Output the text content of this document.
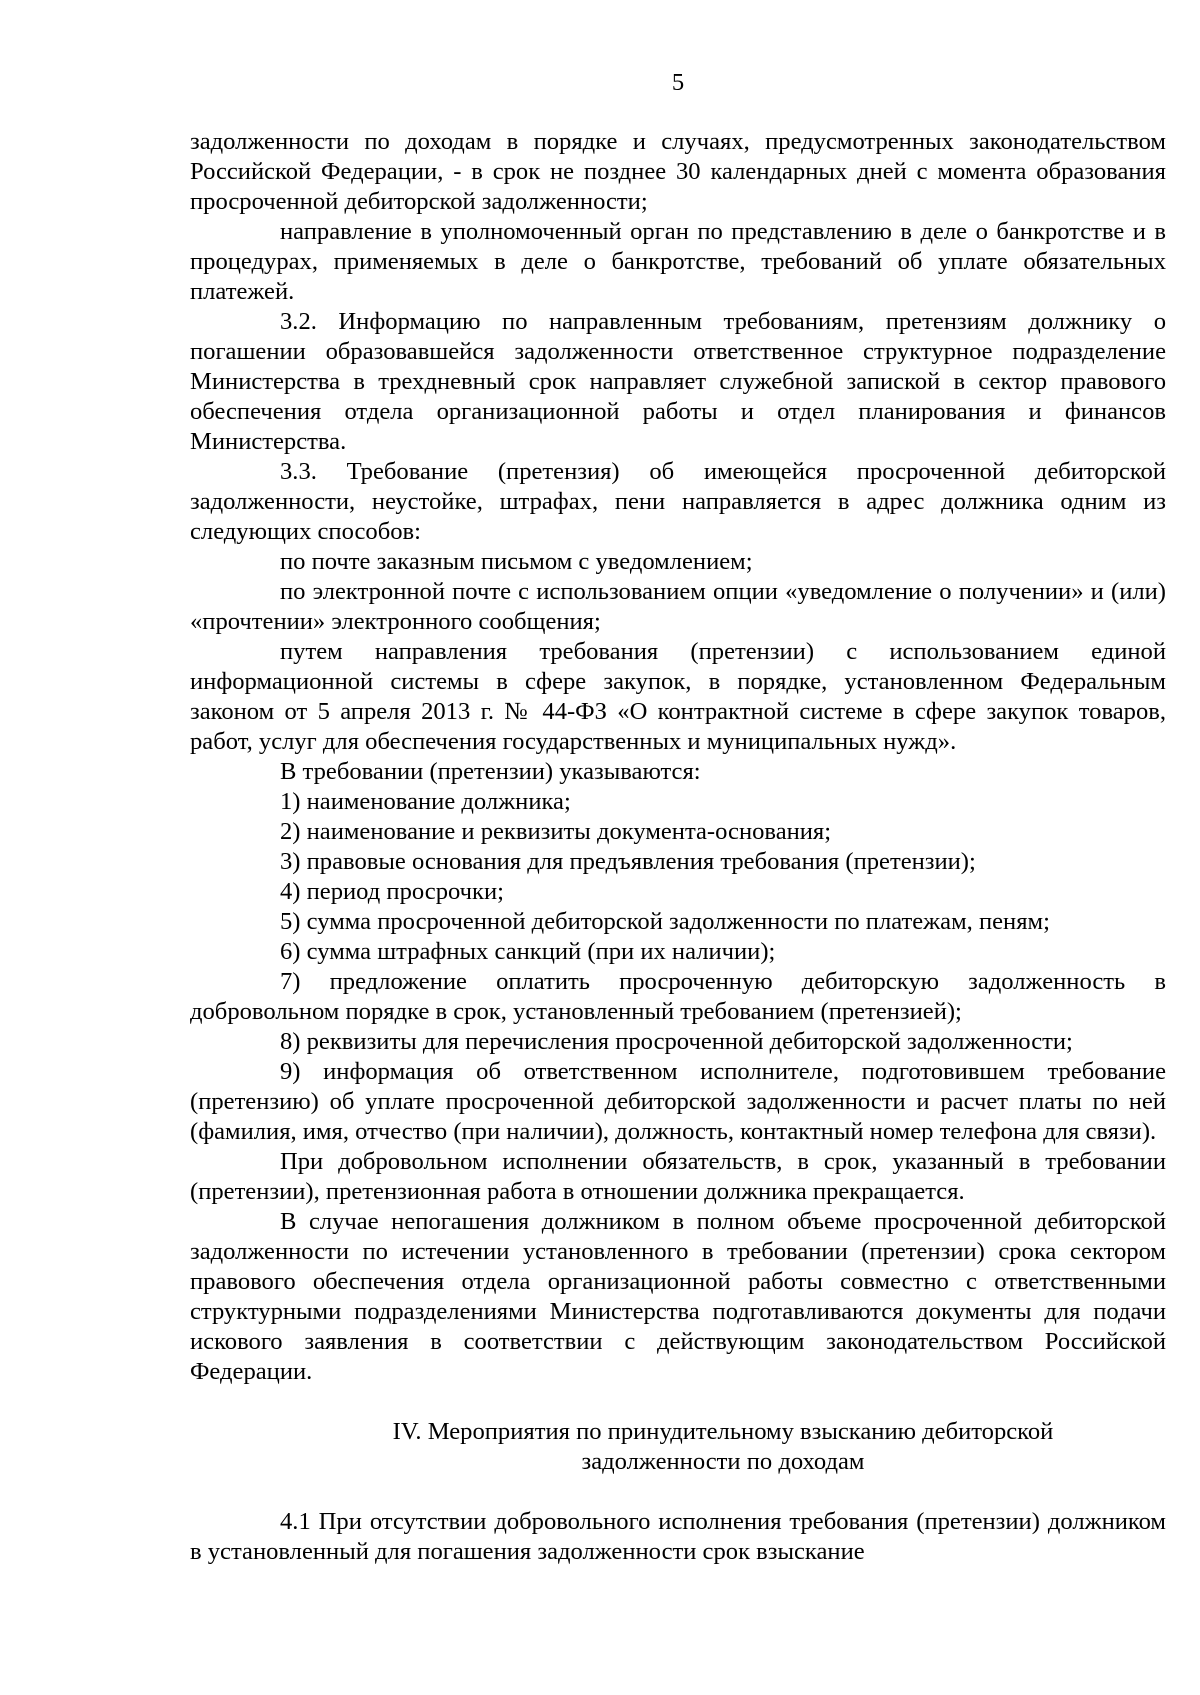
5

задолженности по доходам в порядке и случаях, предусмотренных законодательством Российской Федерации, - в срок не позднее 30 календарных дней с момента образования просроченной дебиторской задолженности;

направление в уполномоченный орган по представлению в деле о банкротстве и в процедурах, применяемых в деле о банкротстве, требований об уплате обязательных платежей.

3.2. Информацию по направленным требованиям, претензиям должнику о погашении образовавшейся задолженности ответственное структурное подразделение Министерства в трехдневный срок направляет служебной запиской в сектор правового обеспечения отдела организационной работы и отдел планирования и финансов Министерства.

3.3. Требование (претензия) об имеющейся просроченной дебиторской задолженности, неустойке, штрафах, пени направляется в адрес должника одним из следующих способов:

по почте заказным письмом с уведомлением;

по электронной почте с использованием опции «уведомление о получении» и (или) «прочтении» электронного сообщения;

путем направления требования (претензии) с использованием единой информационной системы в сфере закупок, в порядке, установленном Федеральным законом от 5 апреля 2013 г. № 44-ФЗ «О контрактной системе в сфере закупок товаров, работ, услуг для обеспечения государственных и муниципальных нужд».

В требовании (претензии) указываются:

1) наименование должника;

2) наименование и реквизиты документа-основания;

3) правовые основания для предъявления требования (претензии);

4) период просрочки;

5) сумма просроченной дебиторской задолженности по платежам, пеням;

6) сумма штрафных санкций (при их наличии);

7) предложение оплатить просроченную дебиторскую задолженность в добровольном порядке в срок, установленный требованием (претензией);

8) реквизиты для перечисления просроченной дебиторской задолженности;

9) информация об ответственном исполнителе, подготовившем требование (претензию) об уплате просроченной дебиторской задолженности и расчет платы по ней (фамилия, имя, отчество (при наличии), должность, контактный номер телефона для связи).

При добровольном исполнении обязательств, в срок, указанный в требовании (претензии), претензионная работа в отношении должника прекращается.

В случае непогашения должником в полном объеме просроченной дебиторской задолженности по истечении установленного в требовании (претензии) срока сектором правового обеспечения отдела организационной работы совместно с ответственными структурными подразделениями Министерства подготавливаются документы для подачи искового заявления в соответствии с действующим законодательством Российской Федерации.

IV. Мероприятия по принудительному взысканию дебиторской
задолженности по доходам

4.1 При отсутствии добровольного исполнения требования (претензии) должником в установленный для погашения задолженности срок взыскание
